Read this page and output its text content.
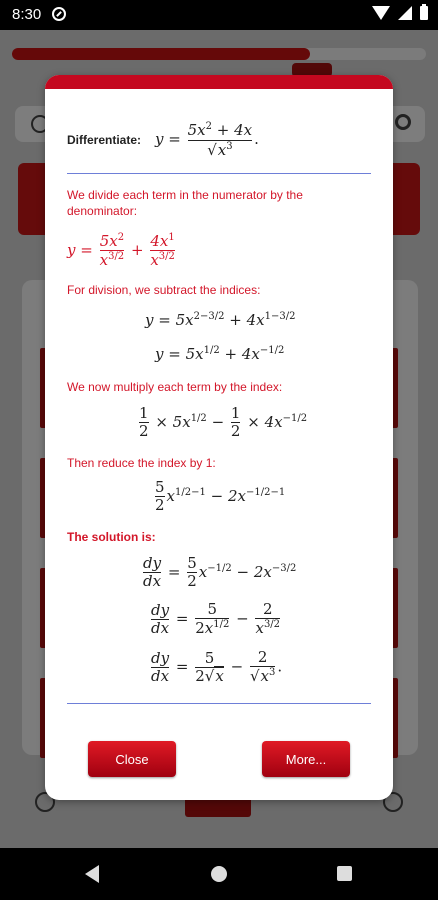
8:30
Differentiate: $y = \frac{5x^2 + 4x}{√x^3}$ .
We divide each term in the numerator by the denominator:
$y = \frac{5x^2}{x^{3/2}} + \frac{4x^1}{x^{3/2}}$
For division, we subtract the indices:
$y = 5x^{2-3/2} + 4x^{1-3/2}$
$y = 5x^{1/2} + 4x^{-1/2}$
We now multiply each term by the index:
$\frac{1}{2} \times 5x^{1/2} - \frac{1}{2} \times 4x^{-1/2}$
Then reduce the index by 1:
$\frac{5}{2} x^{1/2-1} - 2x^{-1/2-1}$
The solution is:
$\frac{dy}{dx} = \frac{5}{2} x^{-1/2} - 2x^{-3/2}$
$\frac{dy}{dx} = \frac{5}{2x^{1/2}} - \frac{2}{x^{3/2}}$
$\frac{dy}{dx} = \frac{5}{2√x} - \frac{2}{√x^3}$ .
Close	More...
